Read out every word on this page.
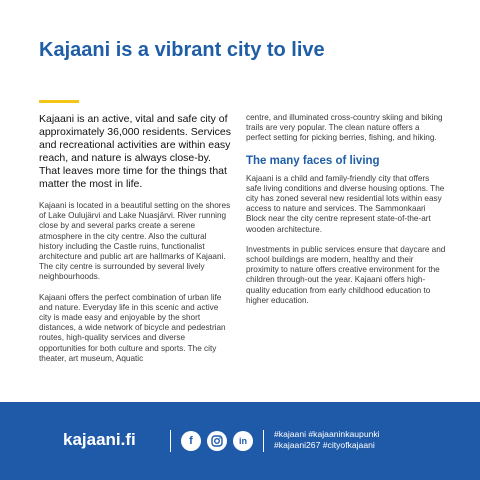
Kajaani is a vibrant city to live

Kajaani is an active, vital and safe city of approximately 36,000 residents. Services and recreational activities are within easy reach, and nature is always close-by. That leaves more time for the things that matter the most in life.

Kajaani is located in a beautiful setting on the shores of Lake Oulujärvi and Lake Nuasjärvi. River running close by and several parks create a serene atmosphere in the city centre. Also the cultural history including the Castle ruins, functionalist architecture and public art are hallmarks of Kajaani. The city centre is surrounded by several lively neighbourhoods.

Kajaani offers the perfect combination of urban life and nature. Everyday life in this scenic and active city is made easy and enjoyable by the short distances, a wide network of bicycle and pedestrian routes, high-quality services and diverse opportunities for both culture and sports. The city theater, art museum, Aquatic

centre, and illuminated cross-country skiing and biking trails are very popular. The clean nature offers a perfect setting for picking berries, fishing, and hiking.

The many faces of living

Kajaani is a child and family-friendly city that offers safe living conditions and diverse housing options. The city has zoned several new residential lots within easy access to nature and services. The Sammonkaari Block near the city centre represent state-of-the-art wooden architecture.

Investments in public services ensure that daycare and school buildings are modern, healthy and their proximity to nature offers creative environment for the children through-out the year. Kajaani offers high-quality education from early childhood education to higher education.

kajaani.fi	f	in
#kajaani #kajaaninkaupunki
#kajaani267 #cityofkajaani
